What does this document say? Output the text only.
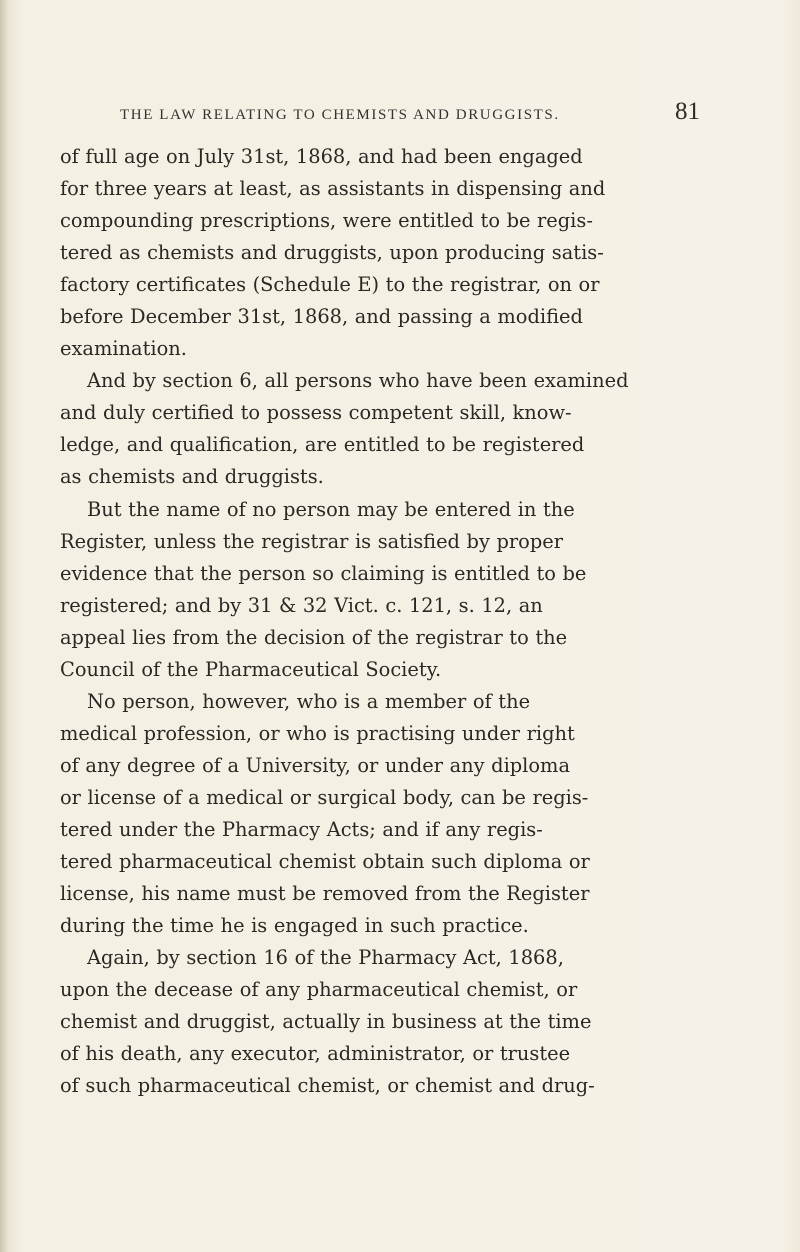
THE LAW RELATING TO CHEMISTS AND DRUGGISTS.	81

of full age on July 31st, 1868, and had been engaged
for three years at least, as assistants in dispensing and
compounding prescriptions, were entitled to be regis-
tered as chemists and druggists, upon producing satis-
factory certificates (Schedule E) to the registrar, on or
before December 31st, 1868, and passing a modified
examination.

And by section 6, all persons who have been examined
and duly certified to possess competent skill, know-
ledge, and qualification, are entitled to be registered
as chemists and druggists.

But the name of no person may be entered in the
Register, unless the registrar is satisfied by proper
evidence that the person so claiming is entitled to be
registered; and by 31 & 32 Vict. c. 121, s. 12, an
appeal lies from the decision of the registrar to the
Council of the Pharmaceutical Society.

No person, however, who is a member of the
medical profession, or who is practising under right
of any degree of a University, or under any diploma
or license of a medical or surgical body, can be regis-
tered under the Pharmacy Acts; and if any regis-
tered pharmaceutical chemist obtain such diploma or
license, his name must be removed from the Register
during the time he is engaged in such practice.

Again, by section 16 of the Pharmacy Act, 1868,
upon the decease of any pharmaceutical chemist, or
chemist and druggist, actually in business at the time
of his death, any executor, administrator, or trustee
of such pharmaceutical chemist, or chemist and drug-
